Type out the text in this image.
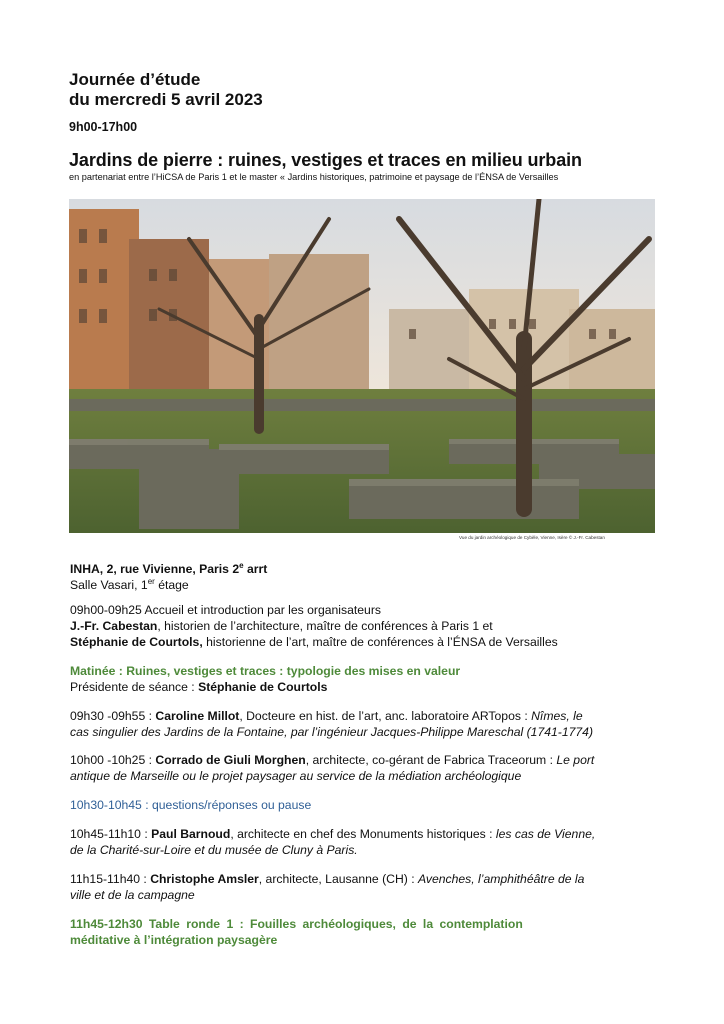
Journée d’étude
du mercredi 5 avril 2023
9h00-17h00
Jardins de pierre : ruines, vestiges et traces en milieu urbain
en partenariat entre l’HiCSA de Paris 1 et le master « Jardins historiques, patrimoine et paysage de l’ÉNSA de Versailles
Vue du jardin archéologique de Cybèle, Vienne, Isère © J.-Fr. Cabestan
INHA, 2, rue Vivienne, Paris 2e arrt
Salle Vasari, 1er étage
09h00-09h25 Accueil et introduction par les organisateurs
J.-Fr. Cabestan, historien de l’architecture, maître de conférences à Paris 1 et
Stéphanie de Courtols, historienne de l’art, maître de conférences à l’ÉNSA de Versailles
Matinée : Ruines, vestiges et traces : typologie des mises en valeur
Présidente de séance : Stéphanie de Courtols
09h30 -09h55 : Caroline Millot, Docteure en hist. de l’art, anc. laboratoire ARTopos : Nîmes, le
cas singulier des Jardins de la Fontaine, par l’ingénieur Jacques-Philippe Mareschal (1741-1774)
10h00 -10h25 : Corrado de Giuli Morghen, architecte, co-gérant de Fabrica Traceorum : Le port
antique de Marseille ou le projet paysager au service de la médiation archéologique
10h30-10h45 : questions/réponses ou pause
10h45-11h10 : Paul Barnoud, architecte en chef des Monuments historiques : les cas de Vienne,
de la Charité-sur-Loire et du musée de Cluny à Paris.
11h15-11h40 : Christophe Amsler, architecte, Lausanne (CH) : Avenches, l’amphithéâtre de la
ville et de la campagne
11h45-12h30 Table ronde 1 : Fouilles archéologiques, de la contemplation
méditative à l’intégration paysagère
